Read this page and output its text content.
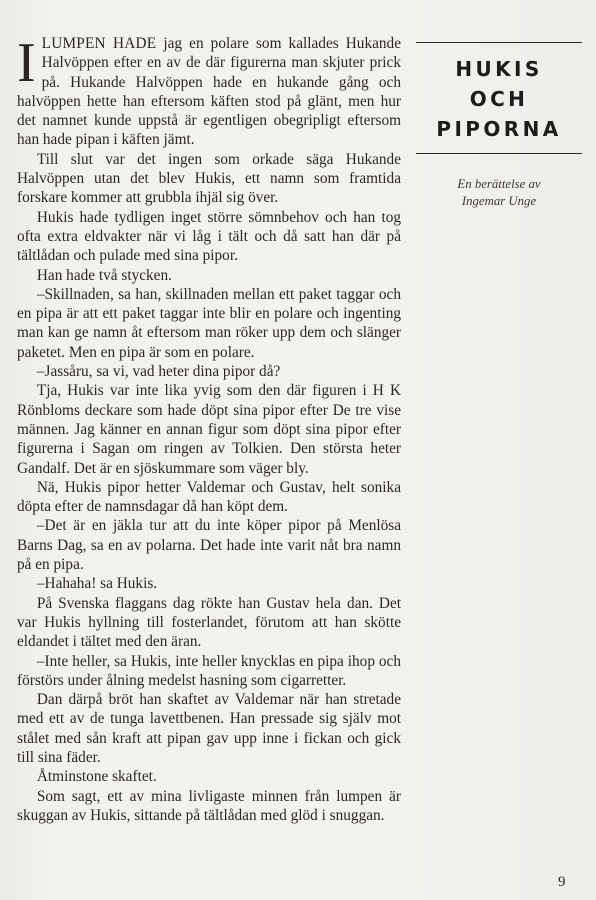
ILUMPEN HADE jag en polare som kallades Hukande Halvöppen efter en av de där figurerna man skjuter prick på. Hukande Halvöppen hade en hukande gång och halvöppen hette han eftersom käften stod på glänt, men hur det namnet kunde uppstå är egentligen obegripligt eftersom han hade pipan i käften jämt.

Till slut var det ingen som orkade säga Hukande Halvöppen utan det blev Hukis, ett namn som framtida forskare kommer att grubbla ihjäl sig över.

Hukis hade tydligen inget större sömnbehov och han tog ofta extra eldvakter när vi låg i tält och då satt han där på tältlådan och pulade med sina pipor.

Han hade två stycken.

–Skillnaden, sa han, skillnaden mellan ett paket taggar och en pipa är att ett paket taggar inte blir en polare och ingenting man kan ge namn åt eftersom man röker upp dem och slänger paketet. Men en pipa är som en polare.

–Jassåru, sa vi, vad heter dina pipor då?

Tja, Hukis var inte lika yvig som den där figuren i H K Rönbloms deckare som hade döpt sina pipor efter De tre vise männen. Jag känner en annan figur som döpt sina pipor efter figurerna i Sagan om ringen av Tolkien. Den största heter Gandalf. Det är en sjöskummare som väger bly.

Nä, Hukis pipor hetter Valdemar och Gustav, helt sonika döpta efter de namnsdagar då han köpt dem.

–Det är en jäkla tur att du inte köper pipor på Menlösa Barns Dag, sa en av polarna. Det hade inte varit nåt bra namn på en pipa.

–Hahaha! sa Hukis.

På Svenska flaggans dag rökte han Gustav hela dan. Det var Hukis hyllning till fosterlandet, förutom att han skötte eldandet i tältet med den äran.

–Inte heller, sa Hukis, inte heller knycklas en pipa ihop och förstörs under ålning medelst hasning som cigarretter.

Dan därpå bröt han skaftet av Valdemar när han stretade med ett av de tunga lavettbenen. Han pressade sig själv mot stålet med sån kraft att pipan gav upp inne i fickan och gick till sina fäder.

Åtminstone skaftet.

Som sagt, ett av mina livligaste minnen från lumpen är skuggan av Hukis, sittande på tältlådan med glöd i snuggan.

HUKIS
OCH
PIPORNA
En berättelse av
Ingemar Unge
9
